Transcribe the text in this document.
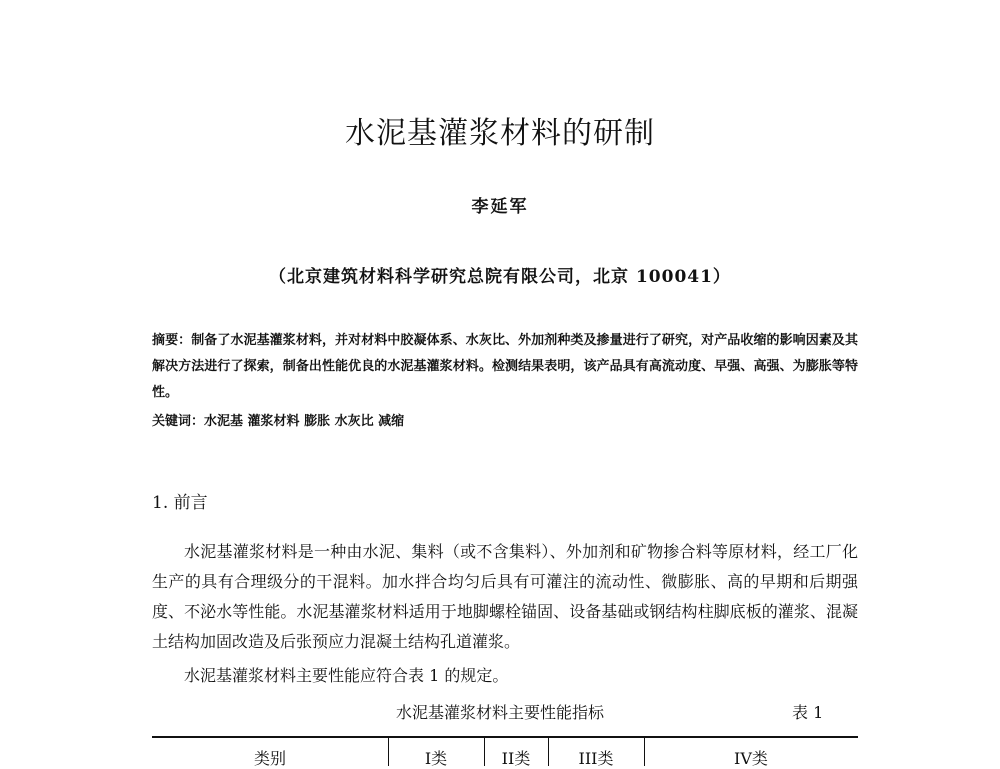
水泥基灌浆材料的研制
李延军
（北京建筑材料科学研究总院有限公司，北京 100041）
摘要：制备了水泥基灌浆材料，并对材料中胶凝体系、水灰比、外加剂种类及掺量进行了研究，对产品收缩的影响因素及其解决方法进行了探索，制备出性能优良的水泥基灌浆材料。检测结果表明，该产品具有高流动度、早强、高强、为膨胀等特性。
关键词：水泥基 灌浆材料 膨胀 水灰比 减缩
1. 前言
水泥基灌浆材料是一种由水泥、集料（或不含集料）、外加剂和矿物掺合料等原材料，经工厂化生产的具有合理级分的干混料。加水拌合均匀后具有可灌注的流动性、微膨胀、高的早期和后期强度、不泌水等性能。水泥基灌浆材料适用于地脚螺栓锚固、设备基础或钢结构柱脚底板的灌浆、混凝土结构加固改造及后张预应力混凝土结构孔道灌浆。
水泥基灌浆材料主要性能应符合表 1 的规定。
水泥基灌浆材料主要性能指标	表 1
类别	I类	II类	III类	IV类
